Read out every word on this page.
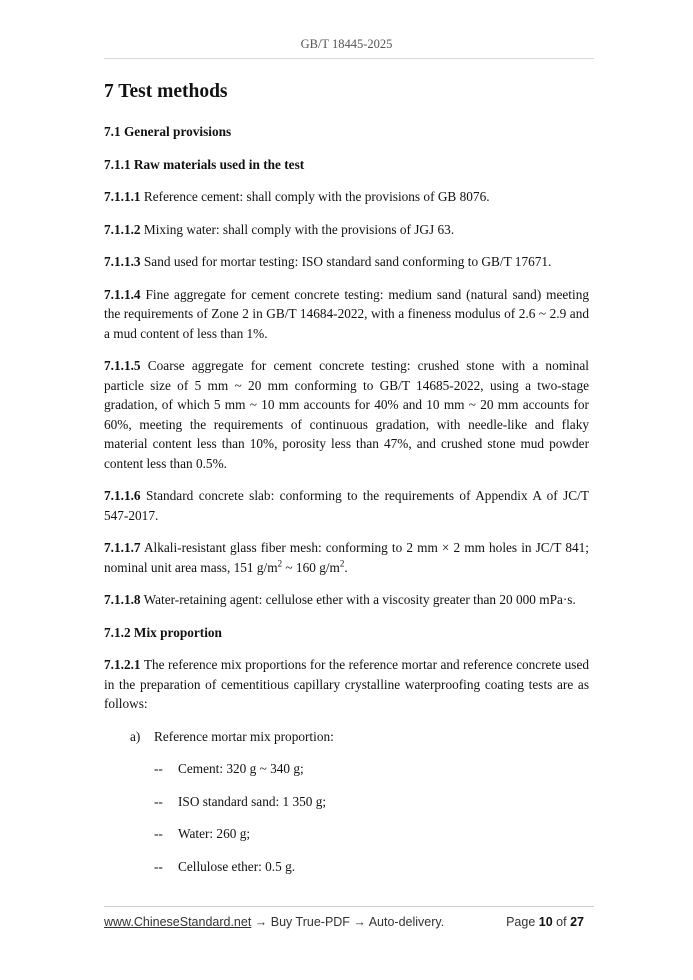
GB/T 18445-2025
7 Test methods
7.1 General provisions
7.1.1 Raw materials used in the test
7.1.1.1 Reference cement: shall comply with the provisions of GB 8076.
7.1.1.2 Mixing water: shall comply with the provisions of JGJ 63.
7.1.1.3 Sand used for mortar testing: ISO standard sand conforming to GB/T 17671.
7.1.1.4 Fine aggregate for cement concrete testing: medium sand (natural sand) meeting the requirements of Zone 2 in GB/T 14684-2022, with a fineness modulus of 2.6 ~ 2.9 and a mud content of less than 1%.
7.1.1.5 Coarse aggregate for cement concrete testing: crushed stone with a nominal particle size of 5 mm ~ 20 mm conforming to GB/T 14685-2022, using a two-stage gradation, of which 5 mm ~ 10 mm accounts for 40% and 10 mm ~ 20 mm accounts for 60%, meeting the requirements of continuous gradation, with needle-like and flaky material content less than 10%, porosity less than 47%, and crushed stone mud powder content less than 0.5%.
7.1.1.6 Standard concrete slab: conforming to the requirements of Appendix A of JC/T 547-2017.
7.1.1.7 Alkali-resistant glass fiber mesh: conforming to 2 mm × 2 mm holes in JC/T 841; nominal unit area mass, 151 $g/m^2$ ~ 160 $g/m^2$.
7.1.1.8 Water-retaining agent: cellulose ether with a viscosity greater than 20 000 mPa·s.
7.1.2 Mix proportion
7.1.2.1 The reference mix proportions for the reference mortar and reference concrete used in the preparation of cementitious capillary crystalline waterproofing coating tests are as follows:
a) Reference mortar mix proportion:
-- Cement: 320 g ~ 340 g;
-- ISO standard sand: 1 350 g;
-- Water: 260 g;
-- Cellulose ether: 0.5 g.
www.ChineseStandard.net → Buy True-PDF → Auto-delivery.	Page 10 of 27
